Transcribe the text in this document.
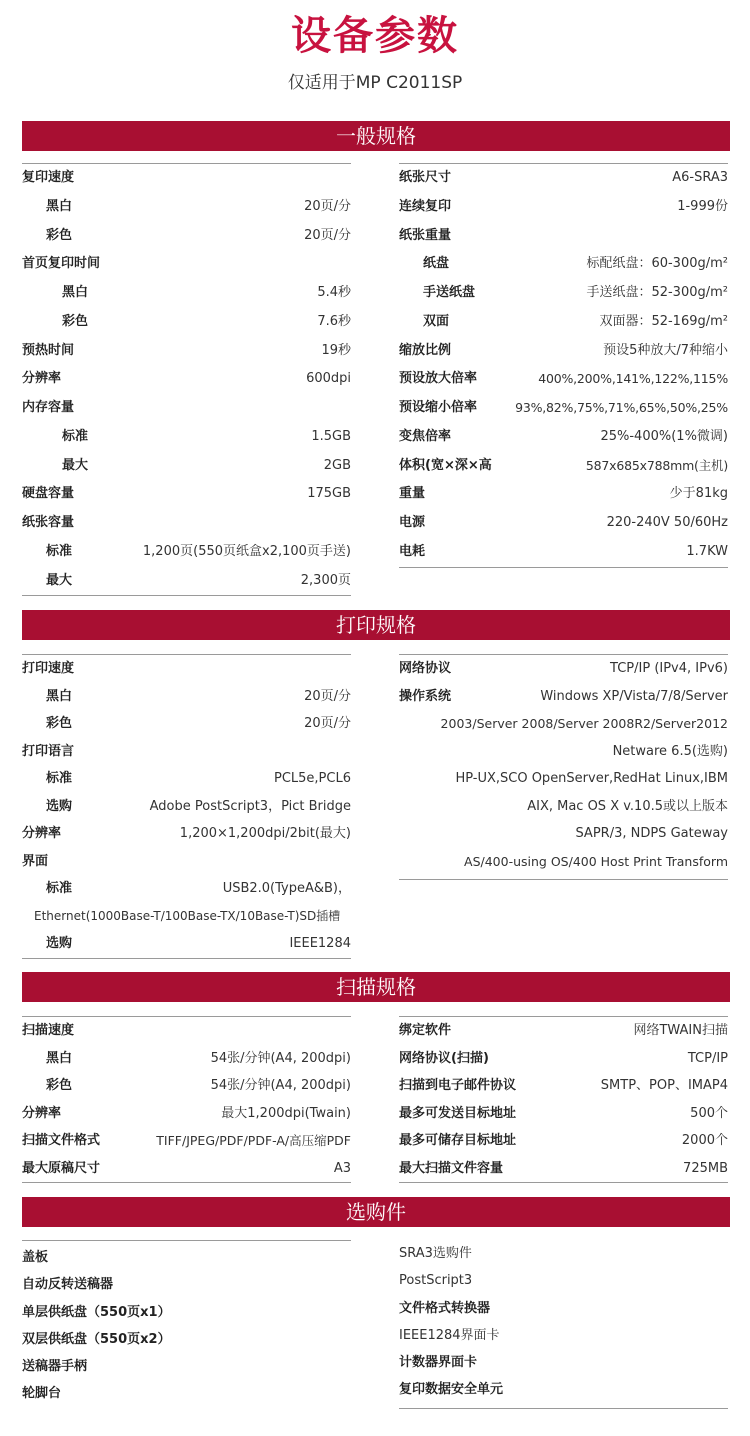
设备参数
仅适用于MP C2011SP
一般规格
复印速度
黑白	20页/分
彩色	20页/分
首页复印时间
黑白	5.4秒
彩色	7.6秒
预热时间	19秒
分辨率	600dpi
内存容量
标准	1.5GB
最大	2GB
硬盘容量	175GB
纸张容量
标准	1,200页(550页纸盒x2,100页手送)
最大	2,300页
纸张尺寸	A6-SRA3
连续复印	1-999份
纸张重量
纸盘	标配纸盘：60-300g/m²
手送纸盘	手送纸盘：52-300g/m²
双面	双面器：52-169g/m²
缩放比例	预设5种放大/7种缩小
预设放大倍率	400%,200%,141%,122%,115%
预设缩小倍率	93%,82%,75%,71%,65%,50%,25%
变焦倍率	25%-400%(1%微调)
体积(宽×深×高	587x685x788mm(主机)
重量	少于81kg
电源	220-240V 50/60Hz
电耗	1.7KW
打印规格
打印速度
黑白	20页/分
彩色	20页/分
打印语言
标准	PCL5e,PCL6
选购	Adobe PostScript3，Pict Bridge
分辨率	1,200×1,200dpi/2bit(最大)
界面
标准	USB2.0(TypeA&B)，
Ethernet(1000Base-T/100Base-TX/10Base-T)SD插槽
选购	IEEE1284
网络协议	TCP/IP (IPv4, IPv6)
操作系统	Windows XP/Vista/7/8/Server
2003/Server 2008/Server 2008R2/Server2012
Netware 6.5(选购)
HP-UX,SCO OpenServer,RedHat Linux,IBM
AIX, Mac OS X v.10.5或以上版本
SAPR/3, NDPS Gateway
AS/400-using OS/400 Host Print Transform
扫描规格
扫描速度
黑白	54张/分钟(A4, 200dpi)
彩色	54张/分钟(A4, 200dpi)
分辨率	最大1,200dpi(Twain)
扫描文件格式	TIFF/JPEG/PDF/PDF-A/高压缩PDF
最大原稿尺寸	A3
绑定软件	网络TWAIN扫描
网络协议(扫描)	TCP/IP
扫描到电子邮件协议	SMTP、POP、IMAP4
最多可发送目标地址	500个
最多可储存目标地址	2000个
最大扫描文件容量	725MB
选购件
盖板
自动反转送稿器
单层供纸盘（550页x1）
双层供纸盘（550页x2）
送稿器手柄
轮脚台
SRA3选购件
PostScript3
文件格式转换器
IEEE1284界面卡
计数器界面卡
复印数据安全单元
